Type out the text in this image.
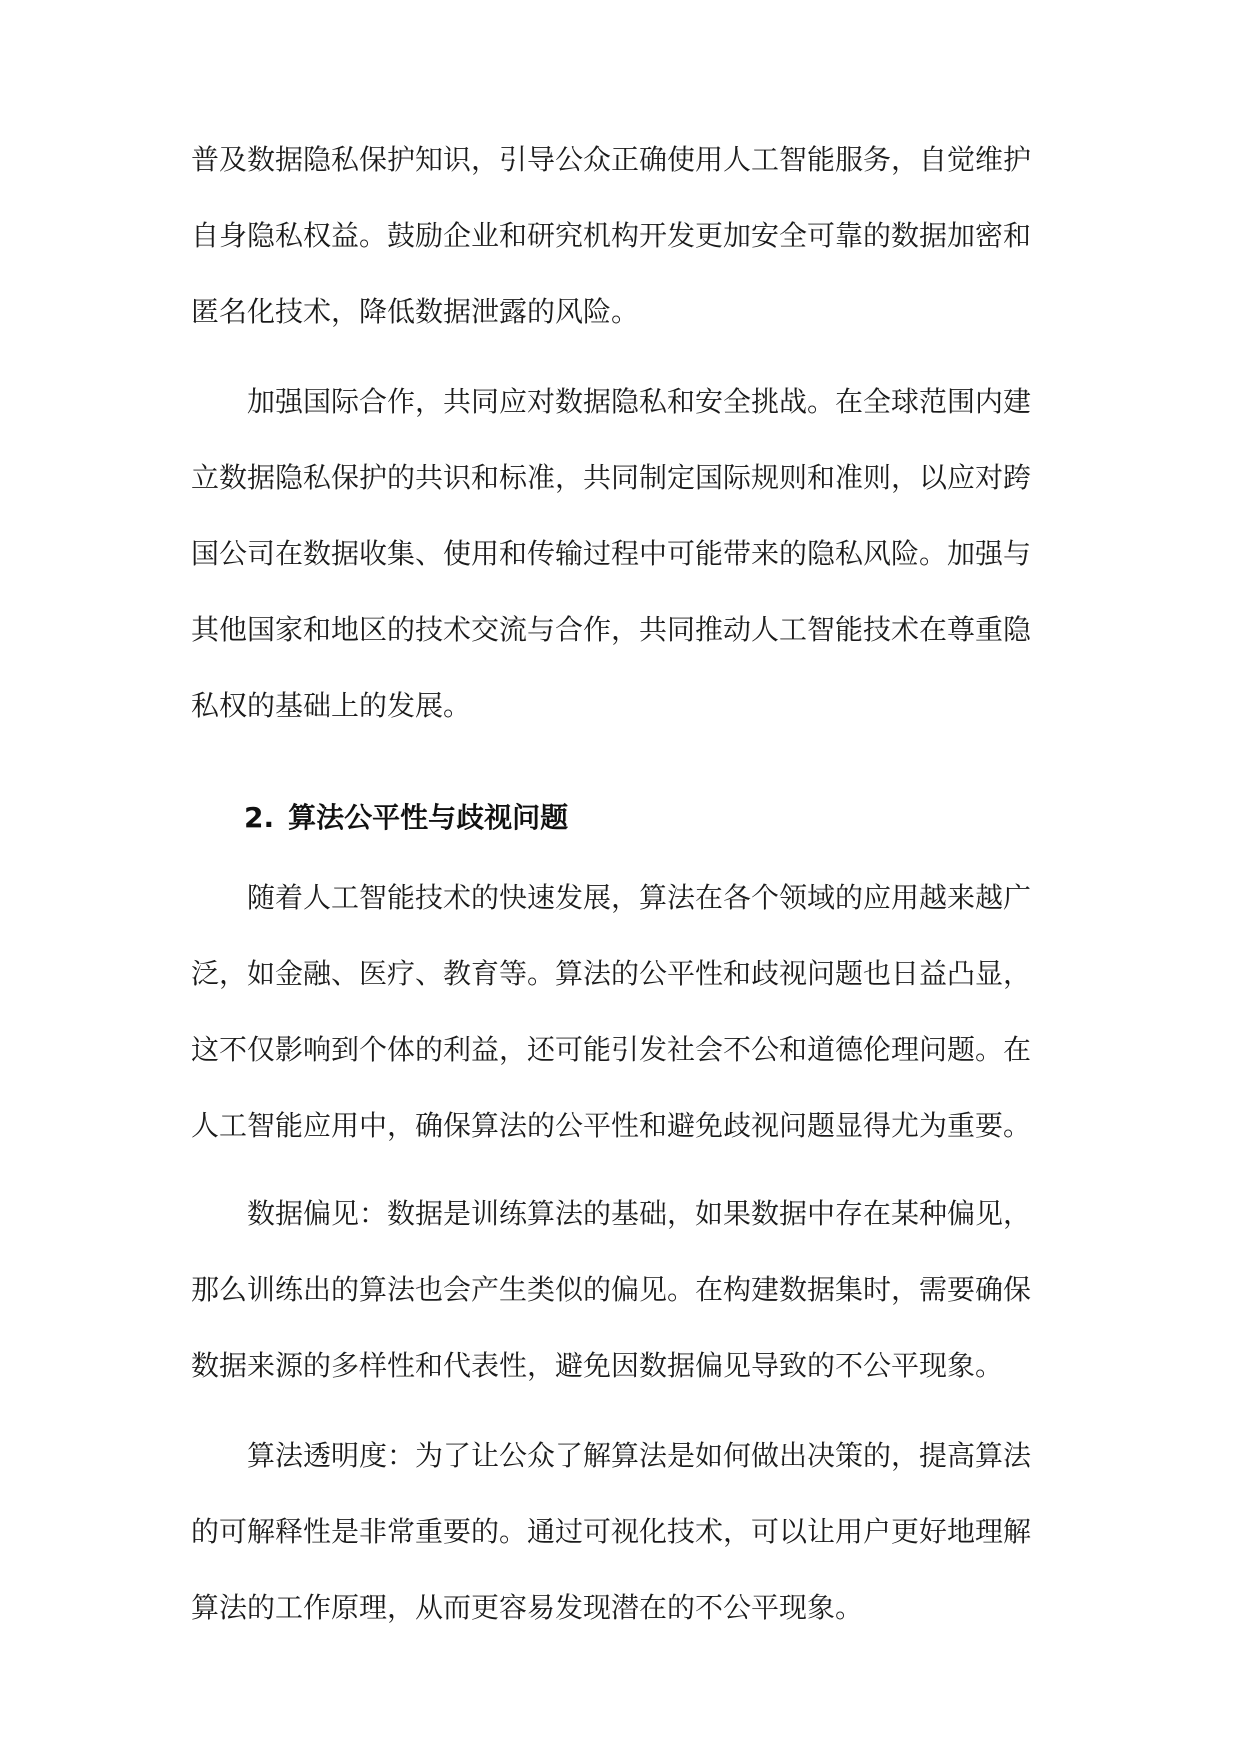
普及数据隐私保护知识，引导公众正确使用人工智能服务，自觉维护
自身隐私权益。鼓励企业和研究机构开发更加安全可靠的数据加密和
匿名化技术，降低数据泄露的风险。
　　加强国际合作，共同应对数据隐私和安全挑战。在全球范围内建
立数据隐私保护的共识和标准，共同制定国际规则和准则，以应对跨
国公司在数据收集、使用和传输过程中可能带来的隐私风险。加强与
其他国家和地区的技术交流与合作，共同推动人工智能技术在尊重隐
私权的基础上的发展。
2. 算法公平性与歧视问题
　　随着人工智能技术的快速发展，算法在各个领域的应用越来越广
泛，如金融、医疗、教育等。算法的公平性和歧视问题也日益凸显，
这不仅影响到个体的利益，还可能引发社会不公和道德伦理问题。在
人工智能应用中，确保算法的公平性和避免歧视问题显得尤为重要。
　　数据偏见：数据是训练算法的基础，如果数据中存在某种偏见，
那么训练出的算法也会产生类似的偏见。在构建数据集时，需要确保
数据来源的多样性和代表性，避免因数据偏见导致的不公平现象。
　　算法透明度：为了让公众了解算法是如何做出决策的，提高算法
的可解释性是非常重要的。通过可视化技术，可以让用户更好地理解
算法的工作原理，从而更容易发现潜在的不公平现象。
